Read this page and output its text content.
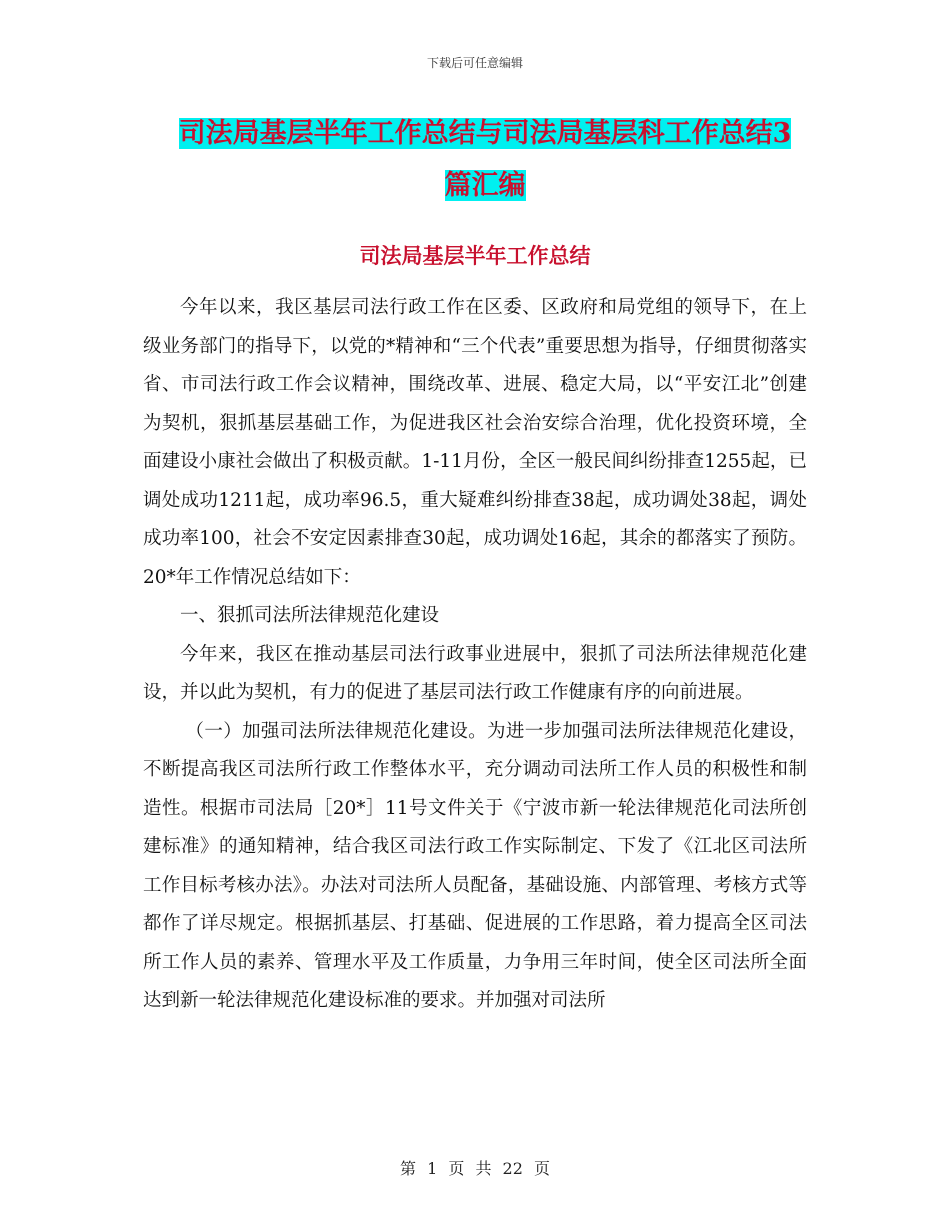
下载后可任意编辑
司法局基层半年工作总结与司法局基层科工作总结3
篇汇编
司法局基层半年工作总结

今年以来，我区基层司法行政工作在区委、区政府和局党组的领导下，在上级业务部门的指导下，以党的*精神和“三个代表”重要思想为指导，仔细贯彻落实省、市司法行政工作会议精神，围绕改革、进展、稳定大局，以“平安江北”创建为契机，狠抓基层基础工作，为促进我区社会治安综合治理，优化投资环境，全面建设小康社会做出了积极贡献。1-11月份，全区一般民间纠纷排查1255起，已调处成功1211起，成功率96.5，重大疑难纠纷排查38起，成功调处38起，调处成功率100，社会不安定因素排查30起，成功调处16起，其余的都落实了预防。20*年工作情况总结如下：

一、狠抓司法所法律规范化建设

今年来，我区在推动基层司法行政事业进展中，狠抓了司法所法律规范化建设，并以此为契机，有力的促进了基层司法行政工作健康有序的向前进展。

（一）加强司法所法律规范化建设。为进一步加强司法所法律规范化建设，不断提高我区司法所行政工作整体水平，充分调动司法所工作人员的积极性和制造性。根据市司法局［20*］11号文件关于《宁波市新一轮法律规范化司法所创建标准》的通知精神，结合我区司法行政工作实际制定、下发了《江北区司法所工作目标考核办法》。办法对司法所人员配备，基础设施、内部管理、考核方式等都作了详尽规定。根据抓基层、打基础、促进展的工作思路，着力提高全区司法所工作人员的素养、管理水平及工作质量，力争用三年时间，使全区司法所全面达到新一轮法律规范化建设标准的要求。并加强对司法所

第 1 页 共 22 页
